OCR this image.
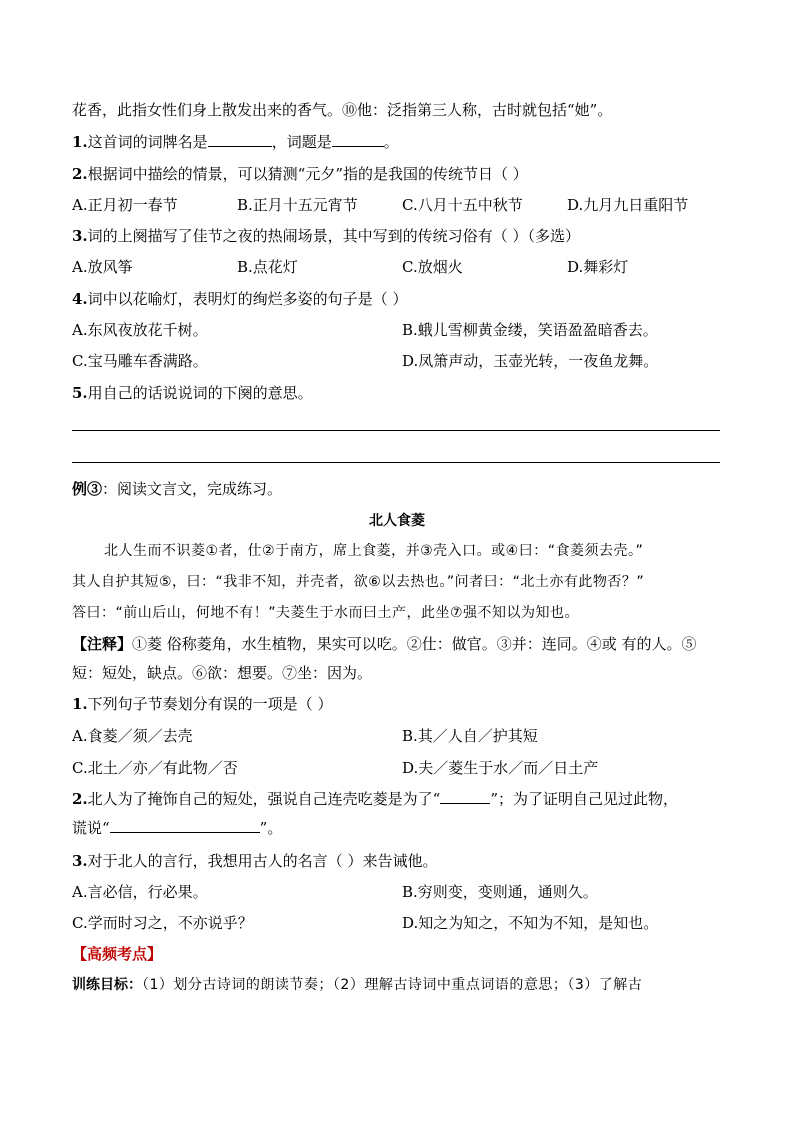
花香，此指女性们身上散发出来的香气。⑩他：泛指第三人称，古时就包括“她”。
1.这首词的词牌名是	，词题是	。
2.根据词中描绘的情景，可以猜测“元夕”指的是我国的传统节日（ ）
A.正月初一春节	B.正月十五元宵节	C.八月十五中秋节	D.九月九日重阳节
3.词的上阕描写了佳节之夜的热闹场景，其中写到的传统习俗有（ ）（多选）
A.放风筝	B.点花灯	C.放烟火	D.舞彩灯
4.词中以花喻灯，表明灯的绚烂多姿的句子是（ ）
A.东风夜放花千树。	B.蛾儿雪柳黄金缕，笑语盈盈暗香去。
C.宝马雕车香满路。	D.凤箫声动，玉壶光转，一夜鱼龙舞。
5.用自己的话说说词的下阕的意思。
例③：阅读文言文，完成练习。
北人食菱
北人生而不识菱①者，仕②于南方，席上食菱，并③壳入口。或④曰：“食菱须去壳。”
其人自护其短⑤，曰：“我非不知，并壳者，欲⑥以去热也。”问者曰：“北土亦有此物否？”
答曰：“前山后山，何地不有！”夫菱生于水而曰土产，此坐⑦强不知以为知也。
【注释】①菱 俗称菱角，水生植物，果实可以吃。②仕：做官。③并：连同。④或 有的人。⑤
短：短处，缺点。⑥欲：想要。⑦坐：因为。
1.下列句子节奏划分有误的一项是（ ）
A.食菱／须／去壳	B.其／人自／护其短
C.北土／亦／有此物／否	D.夫／菱生于水／而／日土产
2.北人为了掩饰自己的短处，强说自己连壳吃菱是为了“	”；为了证明自己见过此物，
谎说“	”。
3.对于北人的言行，我想用古人的名言（ ）来告诫他。
A.言必信，行必果。	B.穷则变，变则通，通则久。
C.学而时习之，不亦说乎？	D.知之为知之，不知为不知，是知也。
【高频考点】
训练目标：（1）划分古诗词的朗读节奏；（2）理解古诗词中重点词语的意思；（3）了解古
